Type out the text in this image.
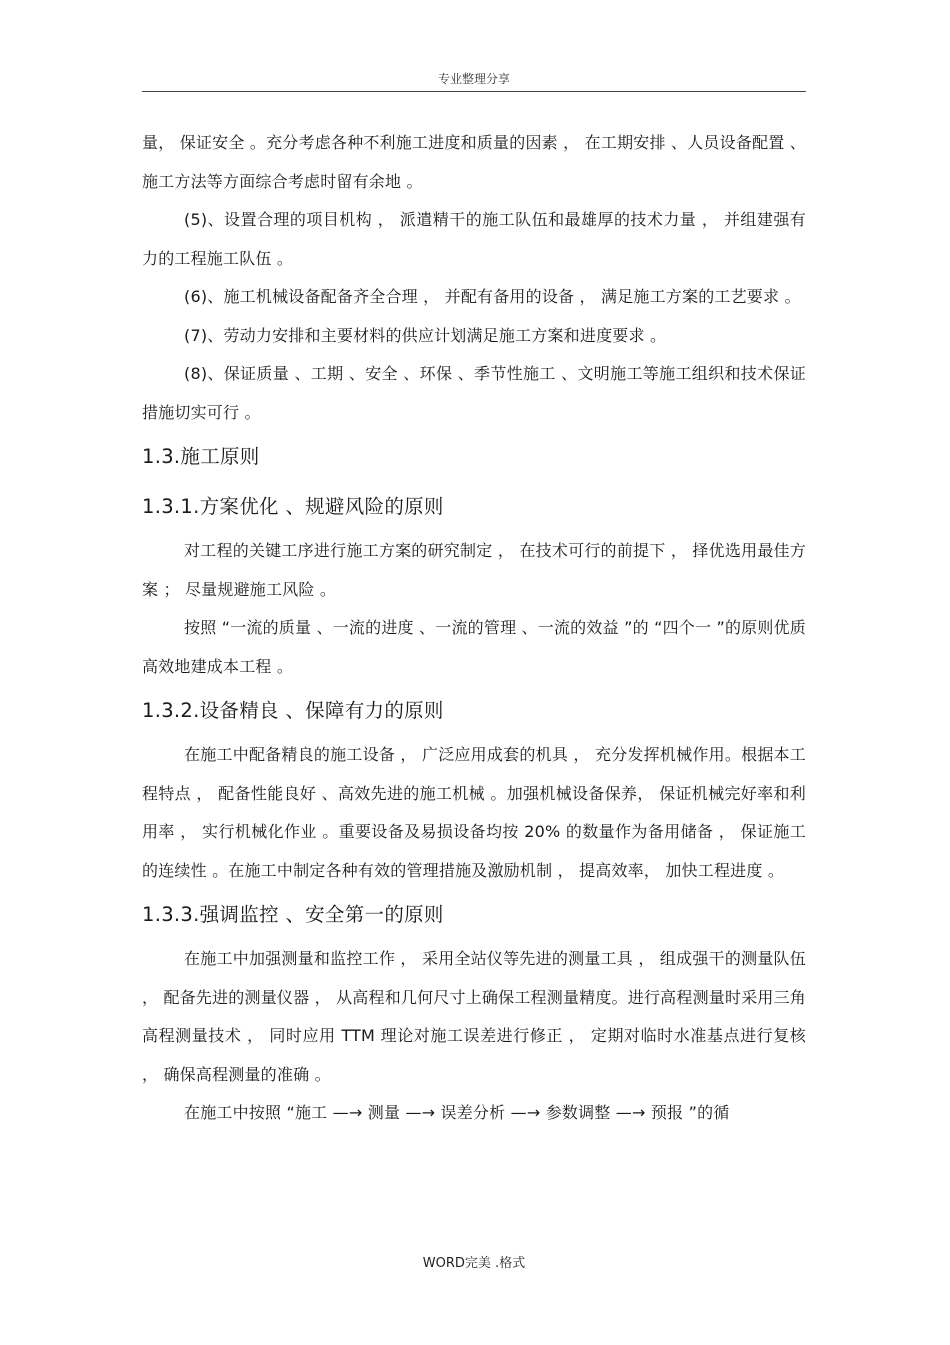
专业整理分享

量， 保证安全 。充分考虑各种不利施工进度和质量的因素 ， 在工期安排 、人员设备配置 、施工方法等方面综合考虑时留有余地 。

(5)、设置合理的项目机构 ， 派遣精干的施工队伍和最雄厚的技术力量 ， 并组建强有力的工程施工队伍 。

(6)、施工机械设备配备齐全合理 ， 并配有备用的设备 ， 满足施工方案的工艺要求 。

(7)、劳动力安排和主要材料的供应计划满足施工方案和进度要求 。

(8)、保证质量 、工期 、安全 、环保 、季节性施工 、文明施工等施工组织和技术保证措施切实可行 。

1.3.施工原则
1.3.1.方案优化 、规避风险的原则

对工程的关键工序进行施工方案的研究制定 ， 在技术可行的前提下 ， 择优选用最佳方案 ； 尽量规避施工风险 。

按照 “一流的质量 、一流的进度 、一流的管理 、一流的效益 ”的 “四个一 ”的原则优质高效地建成本工程 。

1.3.2.设备精良 、保障有力的原则

在施工中配备精良的施工设备 ， 广泛应用成套的机具 ， 充分发挥机械作用。根据本工程特点 ， 配备性能良好 、高效先进的施工机械 。加强机械设备保养， 保证机械完好率和利用率 ， 实行机械化作业 。重要设备及易损设备均按 20% 的数量作为备用储备 ， 保证施工的连续性 。在施工中制定各种有效的管理措施及激励机制 ， 提高效率， 加快工程进度 。

1.3.3.强调监控 、安全第一的原则

在施工中加强测量和监控工作 ， 采用全站仪等先进的测量工具 ， 组成强干的测量队伍 ， 配备先进的测量仪器 ， 从高程和几何尺寸上确保工程测量精度。进行高程测量时采用三角高程测量技术 ， 同时应用 TTM 理论对施工误差进行修正 ， 定期对临时水准基点进行复核 ， 确保高程测量的准确 。

在施工中按照 “施工 —→ 测量 —→ 误差分析 —→ 参数调整 —→ 预报 ”的循

WORD完美 .格式
